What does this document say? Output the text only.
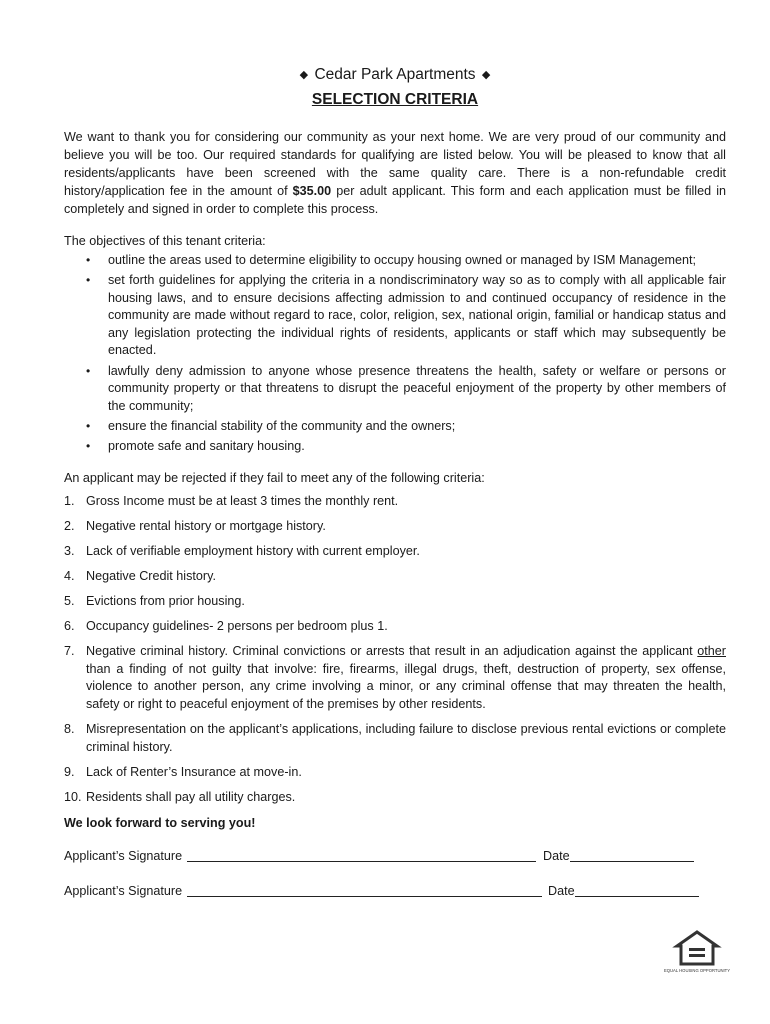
◆ Cedar Park Apartments ◆

SELECTION CRITERIA

We want to thank you for considering our community as your next home. We are very proud of our community and believe you will be too. Our required standards for qualifying are listed below. You will be pleased to know that all residents/applicants have been screened with the same quality care. There is a non-refundable credit history/application fee in the amount of $35.00 per adult applicant. This form and each application must be filled in completely and signed in order to complete this process.

The objectives of this tenant criteria:

• outline the areas used to determine eligibility to occupy housing owned or managed by ISM Management;
• set forth guidelines for applying the criteria in a nondiscriminatory way so as to comply with all applicable fair housing laws, and to ensure decisions affecting admission to and continued occupancy of residence in the community are made without regard to race, color, religion, sex, national origin, familial or handicap status and any legislation protecting the individual rights of residents, applicants or staff which may subsequently be enacted.
• lawfully deny admission to anyone whose presence threatens the health, safety or welfare or persons or community property or that threatens to disrupt the peaceful enjoyment of the property by other members of the community;
• ensure the financial stability of the community and the owners;
• promote safe and sanitary housing.

An applicant may be rejected if they fail to meet any of the following criteria:

1. Gross Income must be at least 3 times the monthly rent.
2. Negative rental history or mortgage history.
3. Lack of verifiable employment history with current employer.
4. Negative Credit history.
5. Evictions from prior housing.
6. Occupancy guidelines- 2 persons per bedroom plus 1.
7. Negative criminal history. Criminal convictions or arrests that result in an adjudication against the applicant other than a finding of not guilty that involve: fire, firearms, illegal drugs, theft, destruction of property, sex offense, violence to another person, any crime involving a minor, or any criminal offense that may threaten the health, safety or right to peaceful enjoyment of the premises by other residents.
8. Misrepresentation on the applicant’s applications, including failure to disclose previous rental evictions or complete criminal history.
9. Lack of Renter’s Insurance at move-in.
10. Residents shall pay all utility charges.

We look forward to serving you!

Applicant’s Signature	Date
Applicant’s Signature	Date
EQUAL HOUSING OPPORTUNITY
